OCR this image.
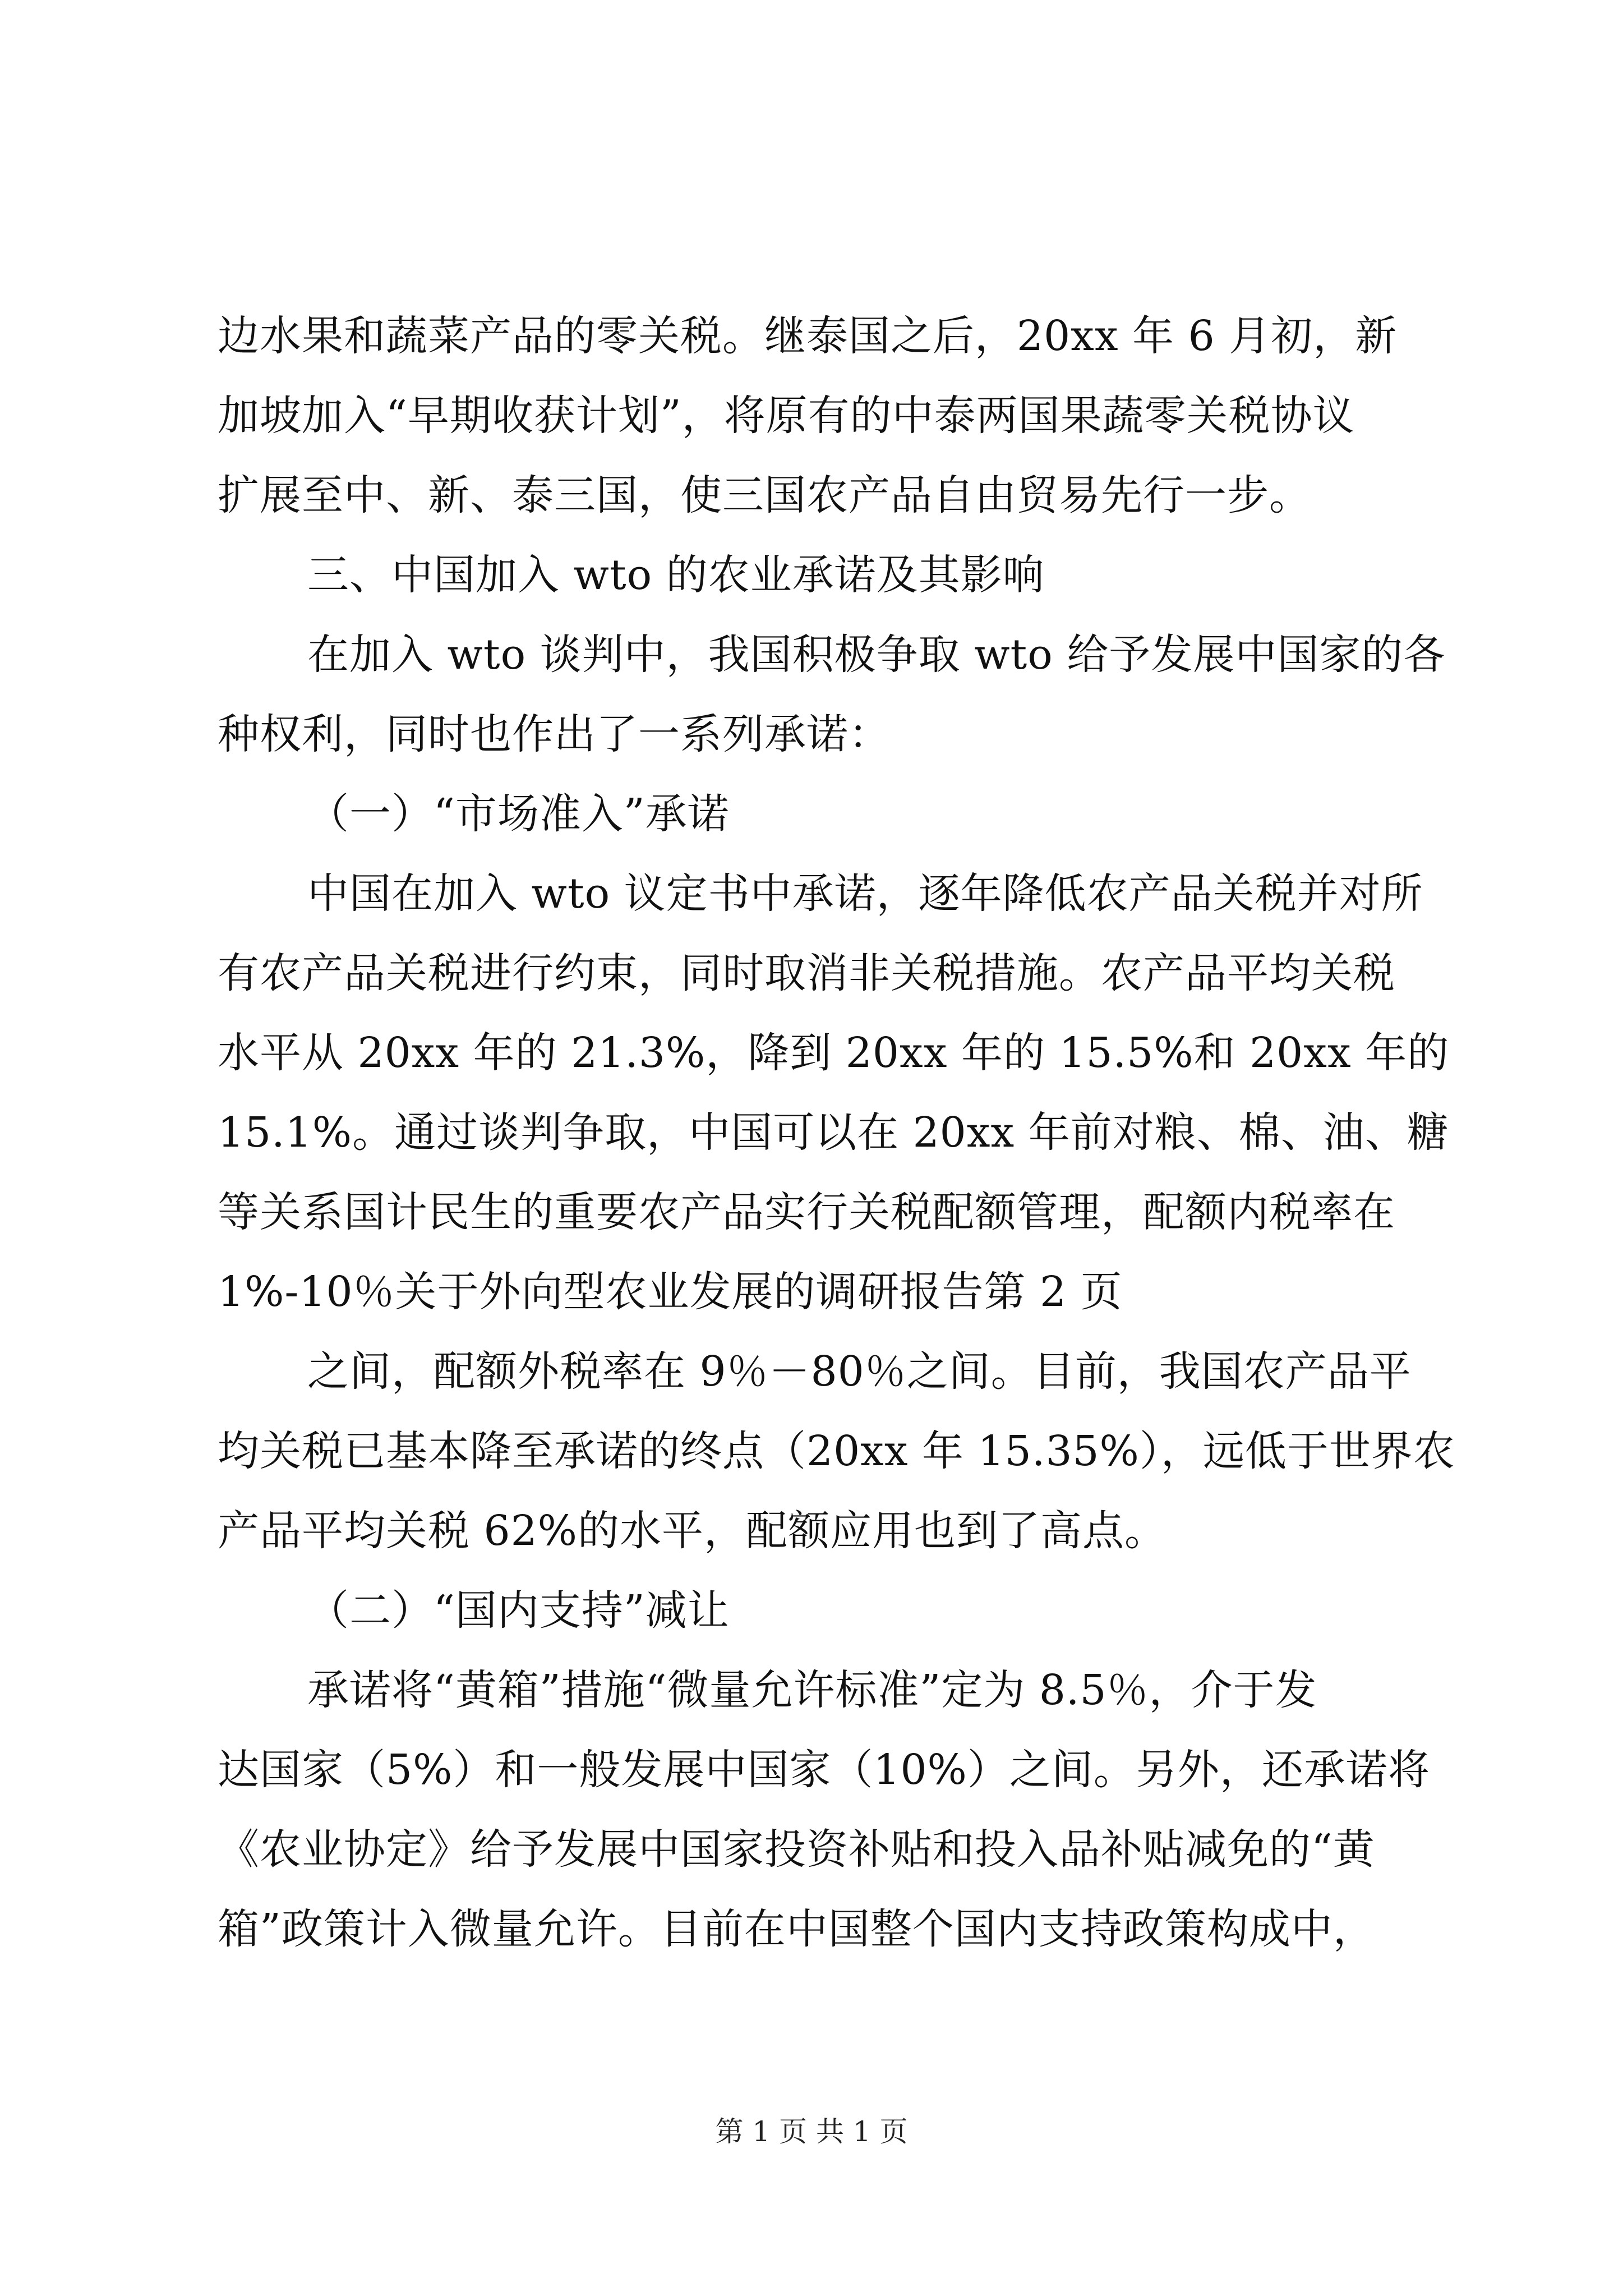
边水果和蔬菜产品的零关税。继泰国之后，20xx 年 6 月初，新
加坡加入“早期收获计划”，将原有的中泰两国果蔬零关税协议
扩展至中、新、泰三国，使三国农产品自由贸易先行一步。
三、中国加入 wto 的农业承诺及其影响
在加入 wto 谈判中，我国积极争取 wto 给予发展中国家的各
种权利，同时也作出了一系列承诺：
（一）“市场准入”承诺
中国在加入 wto 议定书中承诺，逐年降低农产品关税并对所
有农产品关税进行约束，同时取消非关税措施。农产品平均关税
水平从 20xx 年的 21.3%，降到 20xx 年的 15.5%和 20xx 年的
15.1%。通过谈判争取，中国可以在 20xx 年前对粮、棉、油、糖
等关系国计民生的重要农产品实行关税配额管理，配额内税率在
1%-10％关于外向型农业发展的调研报告第 2 页
之间，配额外税率在 9％－80％之间。目前，我国农产品平
均关税已基本降至承诺的终点（20xx 年 15.35%），远低于世界农
产品平均关税 62%的水平，配额应用也到了高点。
（二）“国内支持”减让
承诺将“黄箱”措施“微量允许标准”定为 8.5％，介于发
达国家（5%）和一般发展中国家（10%）之间。另外，还承诺将
《农业协定》给予发展中国家投资补贴和投入品补贴减免的“黄
箱”政策计入微量允许。目前在中国整个国内支持政策构成中，
第 1 页 共 1 页
